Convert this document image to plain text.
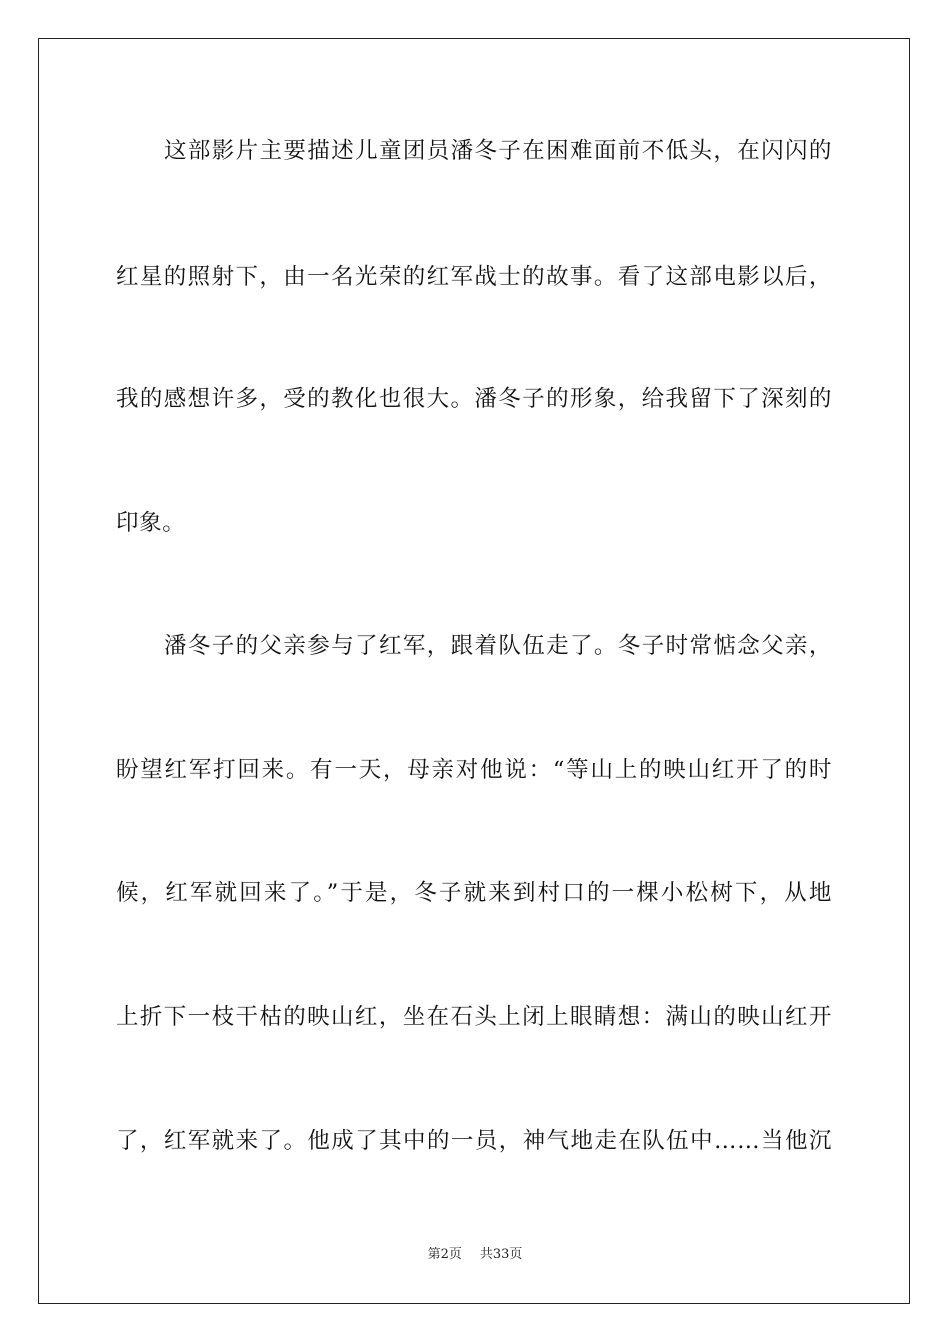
这部影片主要描述儿童团员潘冬子在困难面前不低头，在闪闪的
红星的照射下，由一名光荣的红军战士的故事。看了这部电影以后，
我的感想许多，受的教化也很大。潘冬子的形象，给我留下了深刻的
印象。
潘冬子的父亲参与了红军，跟着队伍走了。冬子时常惦念父亲，
盼望红军打回来。有一天，母亲对他说：“等山上的映山红开了的时
候，红军就回来了。”于是，冬子就来到村口的一棵小松树下，从地
上折下一枝干枯的映山红，坐在石头上闭上眼睛想：满山的映山红开
了，红军就来了。他成了其中的一员，神气地走在队伍中……当他沉
第2页 共33页
